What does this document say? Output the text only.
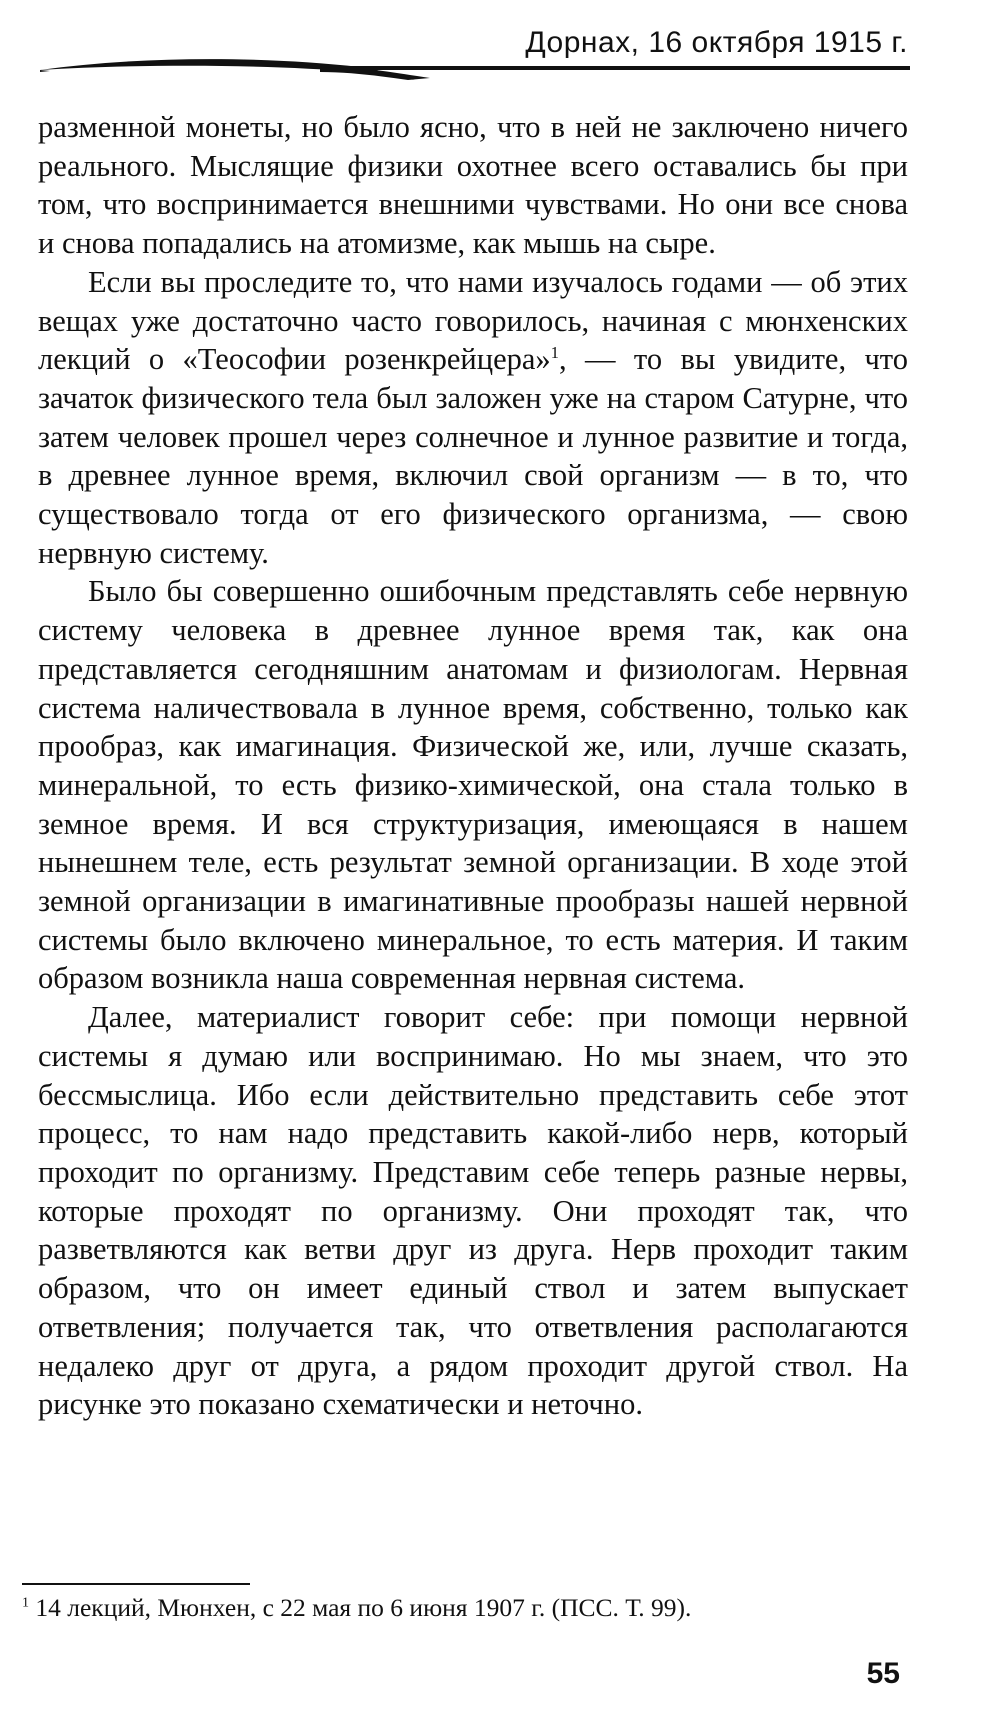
Дорнах, 16 октября 1915 г.

разменной монеты, но было ясно, что в ней не заключено ничего реального. Мыслящие физики охотнее всего оставались бы при том, что воспринимается внешними чувствами. Но они все снова и снова попадались на атомизме, как мышь на сыре.

Если вы проследите то, что нами изучалось годами — об этих вещах уже достаточно часто говорилось, начиная с мюнхенских лекций о «Теософии розенкрейцера»$^1$, — то вы увидите, что зачаток физического тела был заложен уже на старом Сатурне, что затем человек прошел через солнечное и лунное развитие и тогда, в древнее лунное время, включил свой организм — в то, что существовало тогда от его физического организма, — свою нервную систему.

Было бы совершенно ошибочным представлять себе нервную систему человека в древнее лунное время так, как она представляется сегодняшним анатомам и физиологам. Нервная система наличествовала в лунное время, собственно, только как прообраз, как имагинация. Физической же, или, лучше сказать, минеральной, то есть физико-химической, она стала только в земное время. И вся структуризация, имеющаяся в нашем нынешнем теле, есть результат земной организации. В ходе этой земной организации в имагинативные прообразы нашей нервной системы было включено минеральное, то есть материя. И таким образом возникла наша современная нервная система.

Далее, материалист говорит себе: при помощи нервной системы я думаю или воспринимаю. Но мы знаем, что это бессмыслица. Ибо если действительно представить себе этот процесс, то нам надо представить какой-либо нерв, который проходит по организму. Представим себе теперь разные нервы, которые проходят по организму. Они проходят так, что разветвляются как ветви друг из друга. Нерв проходит таким образом, что он имеет единый ствол и затем выпускает ответвления; получается так, что ответвления располагаются недалеко друг от друга, а рядом проходит другой ствол. На рисунке это показано схематически и неточно.

$^1$ 14 лекций, Мюнхен, с 22 мая по 6 июня 1907 г. (ПСС. Т. 99).
55
